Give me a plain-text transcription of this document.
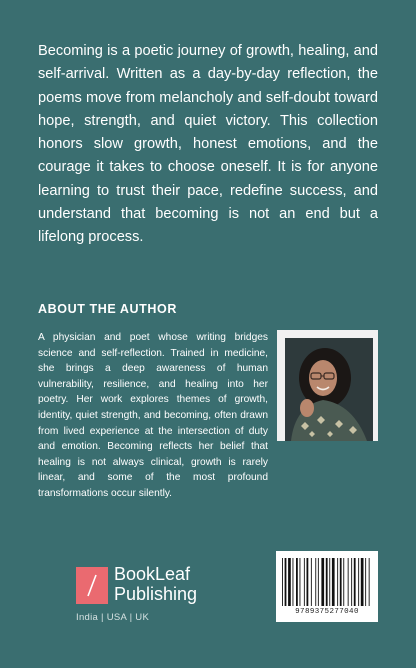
Becoming is a poetic journey of growth, healing, and self-arrival. Written as a day-by-day reflection, the poems move from melancholy and self-doubt toward hope, strength, and quiet victory. This collection honors slow growth, honest emotions, and the courage it takes to choose oneself. It is for anyone learning to trust their pace, redefine success, and understand that becoming is not an end but a lifelong process.

ABOUT THE AUTHOR

A physician and poet whose writing bridges science and self-reflection. Trained in medicine, she brings a deep awareness of human vulnerability, resilience, and healing into her poetry. Her work explores themes of growth, identity, quiet strength, and becoming, often drawn from lived experience at the intersection of duty and emotion. Becoming reflects her belief that healing is not always clinical, growth is rarely linear, and some of the most profound transformations occur silently.

BookLeaf
Publishing
India | USA | UK	9789375277040
